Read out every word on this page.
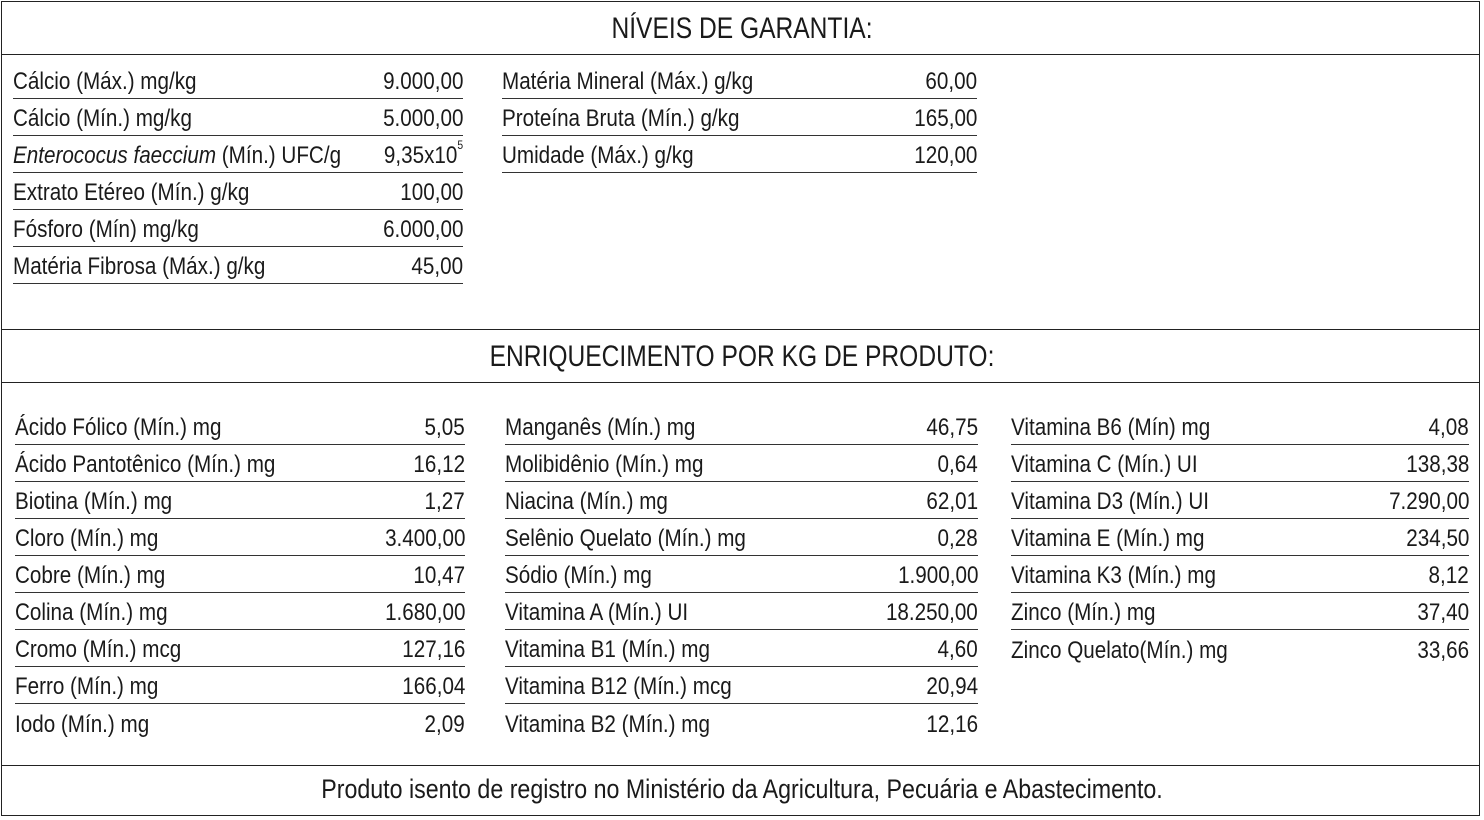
NÍVEIS DE GARANTIA:
ENRIQUECIMENTO POR KG DE PRODUTO:
Cálcio (Máx.) mg/kg	9.000,00
Cálcio (Mín.) mg/kg	5.000,00
Enterococus faeccium (Mín.) UFC/g $9,35x10^5$
Extrato Etéreo (Mín.) g/kg	100,00
Fósforo (Mín) mg/kg	6.000,00
Matéria Fibrosa (Máx.) g/kg	45,00
Matéria Mineral (Máx.) g/kg	60,00
Proteína Bruta (Mín.) g/kg	165,00
Umidade (Máx.) g/kg	120,00
Ácido Fólico (Mín.) mg	5,05
Ácido Pantotênico (Mín.) mg	16,12
Biotina (Mín.) mg	1,27
Cloro (Mín.) mg	3.400,00
Cobre (Mín.) mg	10,47
Colina (Mín.) mg	1.680,00
Cromo (Mín.) mcg	127,16
Ferro (Mín.) mg	166,04
Iodo (Mín.) mg	2,09
Manganês (Mín.) mg	46,75
Molibidênio (Mín.) mg	0,64
Niacina (Mín.) mg	62,01
Selênio Quelato (Mín.) mg	0,28
Sódio (Mín.) mg	1.900,00
Vitamina A (Mín.) UI	18.250,00
Vitamina B1 (Mín.) mg	4,60
Vitamina B12 (Mín.) mcg	20,94
Vitamina B2 (Mín.) mg	12,16
Vitamina B6 (Mín) mg	4,08
Vitamina C (Mín.) UI	138,38
Vitamina D3 (Mín.) UI	7.290,00
Vitamina E (Mín.) mg	234,50
Vitamina K3 (Mín.) mg	8,12
Zinco (Mín.) mg	37,40
Zinco Quelato(Mín.) mg	33,66
Produto isento de registro no Ministério da Agricultura, Pecuária e Abastecimento.
